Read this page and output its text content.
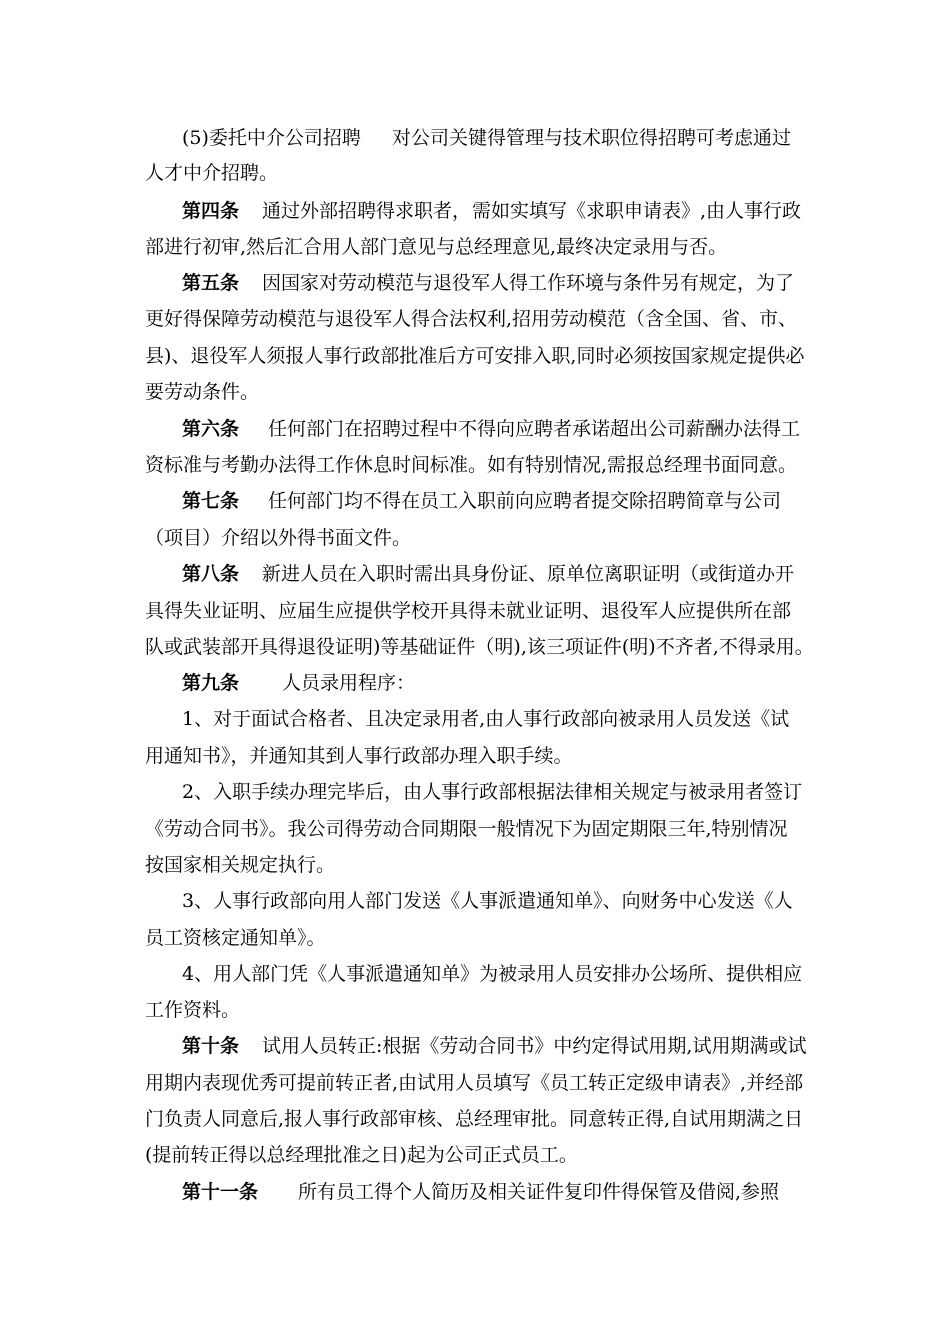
(5)委托中介公司招聘 对公司关键得管理与技术职位得招聘可考虑通过
人才中介招聘。
第四条 通过外部招聘得求职者， 需如实填写《求职申请表》,由人事行政
部进行初审,然后汇合用人部门意见与总经理意见,最终决定录用与否。
第五条 因国家对劳动模范与退役军人得工作环境与条件另有规定，为了
更好得保障劳动模范与退役军人得合法权利,招用劳动模范（含全国、省、市、
县)、退役军人须报人事行政部批准后方可安排入职,同时必须按国家规定提供必
要劳动条件。
第六条 任何部门在招聘过程中不得向应聘者承诺超出公司薪酬办法得工
资标准与考勤办法得工作休息时间标准。如有特别情况,需报总经理书面同意。
第七条 任何部门均不得在员工入职前向应聘者提交除招聘简章与公司
（项目）介绍以外得书面文件。
第八条 新进人员在入职时需出具身份证、原单位离职证明（或街道办开
具得失业证明、应届生应提供学校开具得未就业证明、退役军人应提供所在部
队或武装部开具得退役证明)等基础证件（明),该三项证件(明)不齐者,不得录用。
第九条 人员录用程序：
1、对于面试合格者、且决定录用者,由人事行政部向被录用人员发送《试
用通知书》，并通知其到人事行政部办理入职手续。
2、入职手续办理完毕后，由人事行政部根据法律相关规定与被录用者签订
《劳动合同书》。我公司得劳动合同期限一般情况下为固定期限三年,特别情况
按国家相关规定执行。
3、人事行政部向用人部门发送《人事派遣通知单》、向财务中心发送《人
员工资核定通知单》。
4、用人部门凭《人事派遣通知单》为被录用人员安排办公场所、提供相应
工作资料。
第十条 试用人员转正:根据《劳动合同书》中约定得试用期,试用期满或试
用期内表现优秀可提前转正者,由试用人员填写《员工转正定级申请表》,并经部
门负责人同意后,报人事行政部审核、总经理审批。同意转正得,自试用期满之日
(提前转正得以总经理批准之日)起为公司正式员工。
第十一条 所有员工得个人简历及相关证件复印件得保管及借阅,参照
